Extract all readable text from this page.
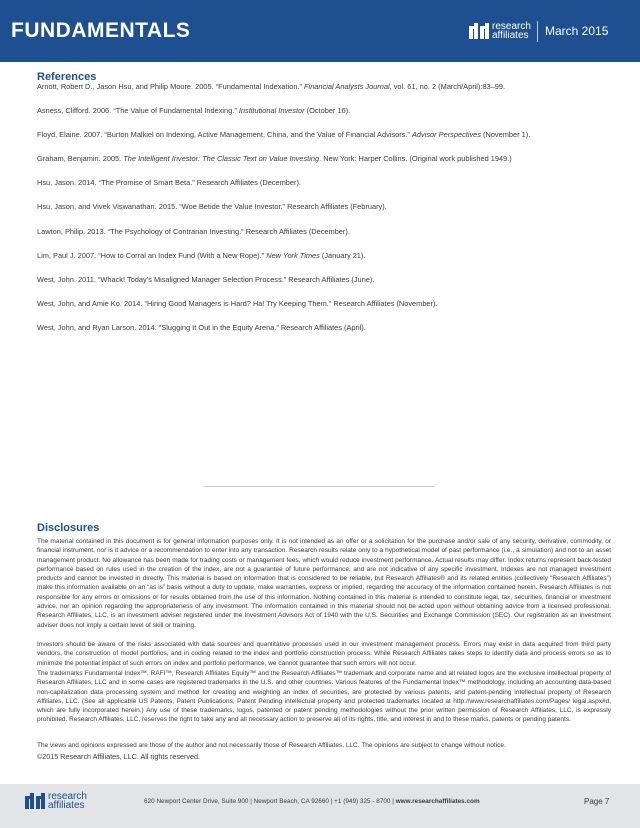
FUNDAMENTALS	research
affiliates March 2015
References
Arnott, Robert D., Jason Hsu, and Philip Moore. 2005. “Fundamental Indexation.” Financial Analysts Journal, vol. 61, no. 2 (March/April):83–99.
Asness, Clifford. 2006. “The Value of Fundamental Indexing.” Institutional Investor (October 16).
Floyd, Elaine. 2007. “Burton Malkiel on Indexing, Active Management, China, and the Value of Financial Advisors.” Advisor Perspectives (November 1).
Graham, Benjamin. 2005. The Intelligent Investor: The Classic Text on Value Investing. New York: Harper Collins. (Original work published 1949.)
Hsu, Jason. 2014. “The Promise of Smart Beta.” Research Affiliates (December).
Hsu, Jason, and Vivek Viswanathan. 2015. “Woe Betide the Value Investor.” Research Affiliates (February).
Lawton, Philip. 2013. “The Psychology of Contrarian Investing.” Research Affiliates (December).
Lim, Paul J. 2007. “How to Corral an Index Fund (With a New Rope).” New York Times (January 21).
West, John. 2011. “Whack! Today’s Misaligned Manager Selection Process.” Research Affiliates (June).
West, John, and Amie Ko. 2014. “Hiring Good Managers is Hard? Ha! Try Keeping Them.” Research Affiliates (November).
West, John, and Ryan Larson. 2014. “Slugging It Out in the Equity Arena.” Research Affiliates (April).
Disclosures

The material contained in this document is for general information purposes only. It is not intended as an offer or a solicitation for the purchase and/or sale of any security, derivative, commodity, or financial instrument, nor is it advice or a recommendation to enter into any transaction. Research results relate only to a hypothetical model of past performance (i.e., a simulation) and not to an asset management product. No allowance has been made for trading costs or management fees, which would reduce investment performance. Actual results may differ. Index returns represent back-tested performance based on rules used in the creation of the index, are not a guarantee of future performance, and are not indicative of any specific investment. Indexes are not managed investment products and cannot be invested in directly. This material is based on information that is considered to be reliable, but Research Affiliates® and its related entities (collectively “Research Affiliates”) make this information available on an “as is” basis without a duty to update, make warranties, express or implied, regarding the accuracy of the information contained herein. Research Affiliates is not responsible for any errors or omissions or for results obtained from the use of this information. Nothing contained in this material is intended to constitute legal, tax, securities, financial or investment advice, nor an opinion regarding the appropriateness of any investment. The information contained in this material should not be acted upon without obtaining advice from a licensed professional. Research Affiliates, LLC, is an investment adviser registered under the Investment Advisors Act of 1940 with the U.S. Securities and Exchange Commission (SEC). Our registration as an investment adviser does not imply a certain level of skill or training.

Investors should be aware of the risks associated with data sources and quantitative processes used in our investment management process. Errors may exist in data acquired from third party vendors, the construction of model portfolios, and in coding related to the index and portfolio construction process. While Research Affiliates takes steps to identify data and process errors so as to minimize the potential impact of such errors on index and portfolio performance, we cannot guarantee that such errors will not occur.

The trademarks Fundamental Index™, RAFI™, Research Affiliates Equity™ and the Research Affiliates™ trademark and corporate name and all related logos are the exclusive intellectual property of Research Affiliates, LLC and in some cases are registered trademarks in the U.S. and other countries. Various features of the Fundamental Index™ methodology, including an accounting data-based non-capitalization data processing system and method for creating and weighting an index of securities, are protected by various patents, and patent-pending intellectual property of Research Affiliates, LLC. (See all applicable US Patents, Patent Publications, Patent Pending intellectual property and protected trademarks located at http://www.researchaffiliates.com/Pages/ legal.aspx#d, which are fully incorporated herein.) Any use of these trademarks, logos, patented or patent pending methodologies without the prior written permission of Research Affiliates, LLC, is expressly prohibited. Research Affiliates, LLC, reserves the right to take any and all necessary action to preserve all of its rights, title, and interest in and to these marks, patents or pending patents.

The views and opinions expressed are those of the author and not necessarily those of Research Affiliates, LLC. The opinions are subject to change without notice.

©2015 Research Affiliates, LLC. All rights reserved.

research
affiliates	620 Newport Center Drive, Suite 900 | Newport Beach, CA 92660 | +1 (949) 325 - 8700 | www.researchaffiliates.com	Page 7
